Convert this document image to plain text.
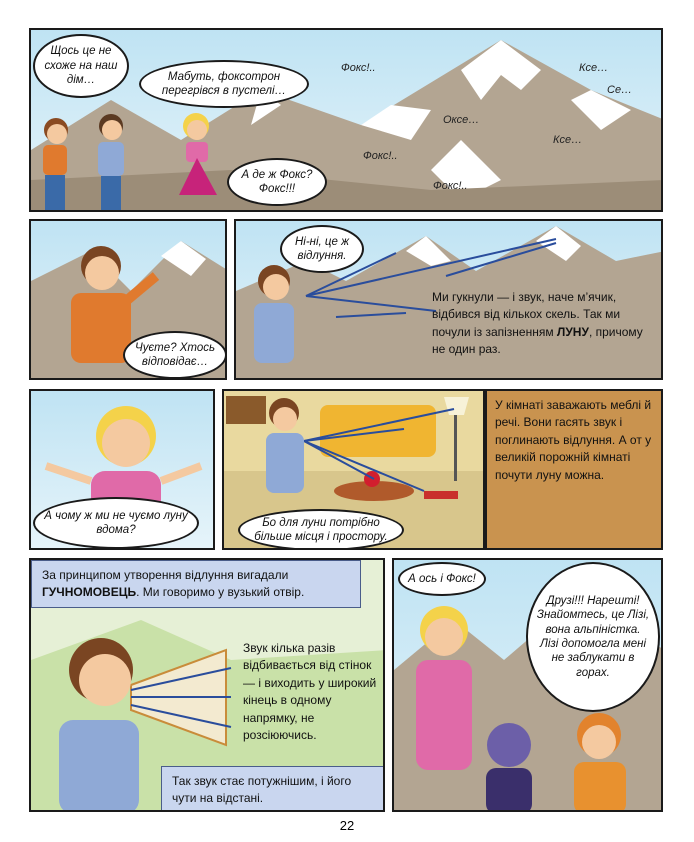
Щось це не схоже на наш дім…	Мабуть, фоксотрон перегрівся в пустелі…
А де ж Фокс? Фокс!!!
Фокс!..	Ксе…
Се…
Оксе…
Ксе…
Фокс!..
Фокс!..
Чуєте? Хтось відповідає…
Ні-ні, це ж відлуння.
Ми гукнули — і звук, наче м’ячик, відбився від кількох скель. Так ми почули із запізненням ЛУНУ, причому не один раз.
А чому ж ми не чуємо луну вдома?
Бо для луни потрібно більше місця і простору.
У кімнаті заважають меблі й речі. Вони гасять звук і поглинають відлуння. А от у великій порожній кімнаті почути луну можна.
За принципом утворення відлуння вигадали ГУЧНОМОВЕЦЬ. Ми говоримо у вузький отвір.
Звук кілька разів відбивається від стінок — і виходить у широкий кінець в одному напрямку, не розсіюючись.
Так звук стає потужнішим, і його чути на відстані.
А ось і Фокс!
Друзі!!! Нарешті! Знайомтесь, це Лізі, вона альпіністка. Лізі допомогла мені не заблукати в горах.
22
